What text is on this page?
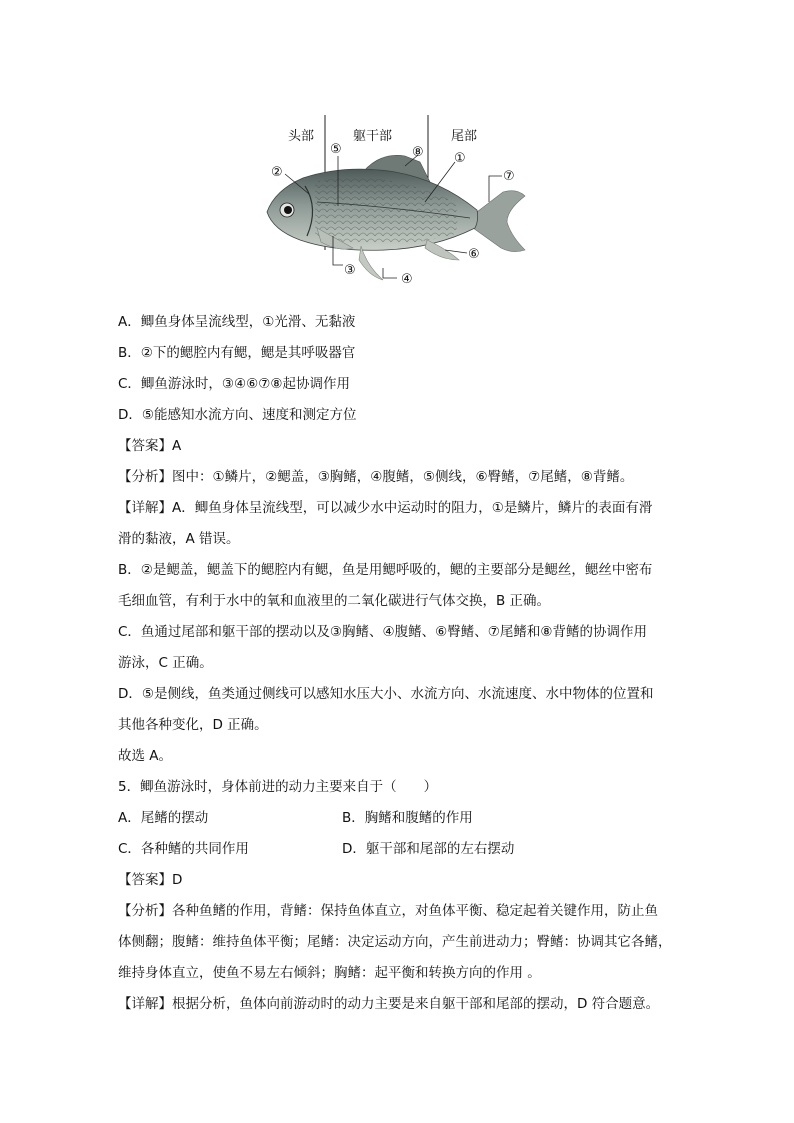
头部	躯干部	尾部
①
②
③
④
⑤
⑥
⑦
⑧
A．鲫鱼身体呈流线型，①光滑、无黏液
B．②下的鳃腔内有鳃，鳃是其呼吸器官
C．鲫鱼游泳时，③④⑥⑦⑧起协调作用
D．⑤能感知水流方向、速度和测定方位
【答案】A
【分析】图中：①鳞片，②鳃盖，③胸鳍，④腹鳍，⑤侧线，⑥臀鳍，⑦尾鳍，⑧背鳍。
【详解】A．鲫鱼身体呈流线型，可以减少水中运动时的阻力，①是鳞片，鳞片的表面有滑
滑的黏液，A 错误。
B．②是鳃盖，鳃盖下的鳃腔内有鳃，鱼是用鳃呼吸的，鳃的主要部分是鳃丝，鳃丝中密布
毛细血管，有利于水中的氧和血液里的二氧化碳进行气体交换，B 正确。
C．鱼通过尾部和躯干部的摆动以及③胸鳍、④腹鳍、⑥臀鳍、⑦尾鳍和⑧背鳍的协调作用
游泳，C 正确。
D．⑤是侧线，鱼类通过侧线可以感知水压大小、水流方向、水流速度、水中物体的位置和
其他各种变化，D 正确。
故选 A。
5．鲫鱼游泳时，身体前进的动力主要来自于（　　）
A．尾鳍的摆动	B．胸鳍和腹鳍的作用
C．各种鳍的共同作用	D．躯干部和尾部的左右摆动
【答案】D
【分析】各种鱼鳍的作用，背鳍：保持鱼体直立，对鱼体平衡、稳定起着关键作用，防止鱼
体侧翻；腹鳍：维持鱼体平衡；尾鳍：决定运动方向，产生前进动力；臀鳍：协调其它各鳍，
维持身体直立，使鱼不易左右倾斜；胸鳍：起平衡和转换方向的作用 。
【详解】根据分析，鱼体向前游动时的动力主要是来自躯干部和尾部的摆动，D 符合题意。
